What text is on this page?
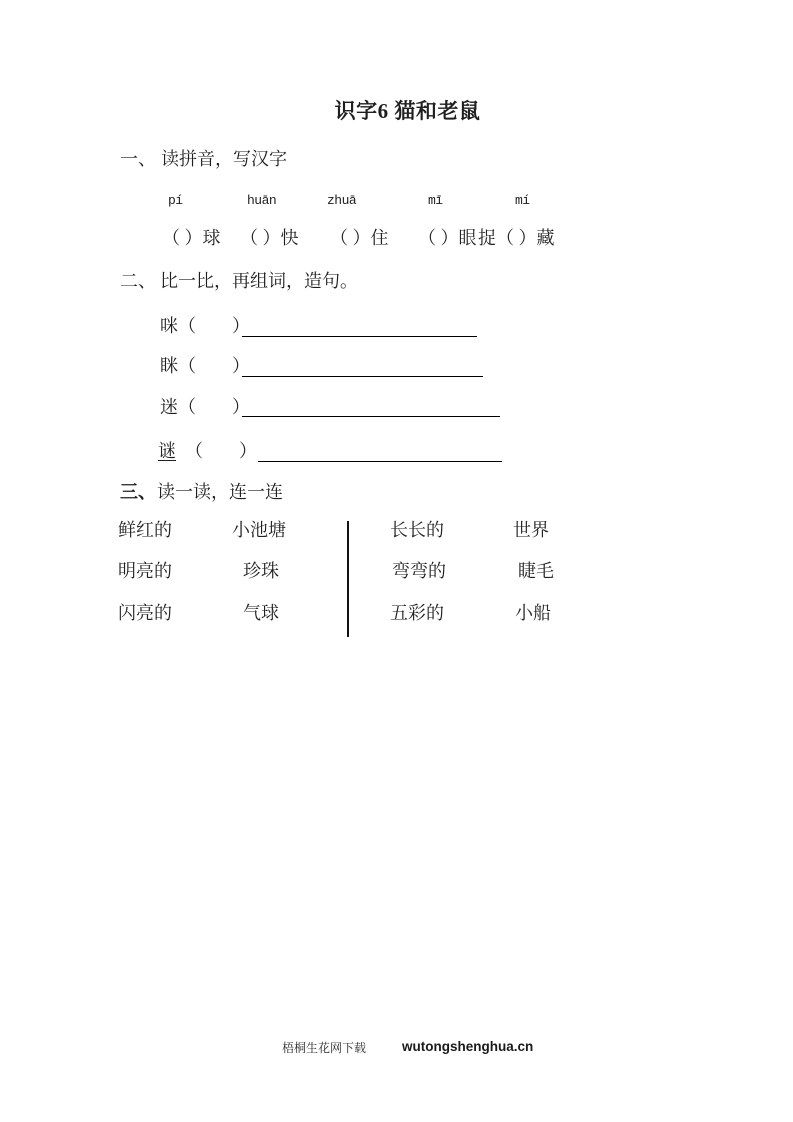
识字6 猫和老鼠
一、 读拼音，写汉字
pí	huān	zhuā	mī	mí
（ ）球 （ ）快 （ ）住 （ ）眼 捉（ ）藏
二、 比一比，再组词，造句。
咪（　　）
眯（　　）
迷（　　）
谜　（　　）
三、 读一读，连一连
鲜红的	小池塘	长长的	世界
明亮的	珍珠	弯弯的	睫毛
闪亮的	气球	五彩的	小船
梧桐生花网下载	wutongshenghua.cn
